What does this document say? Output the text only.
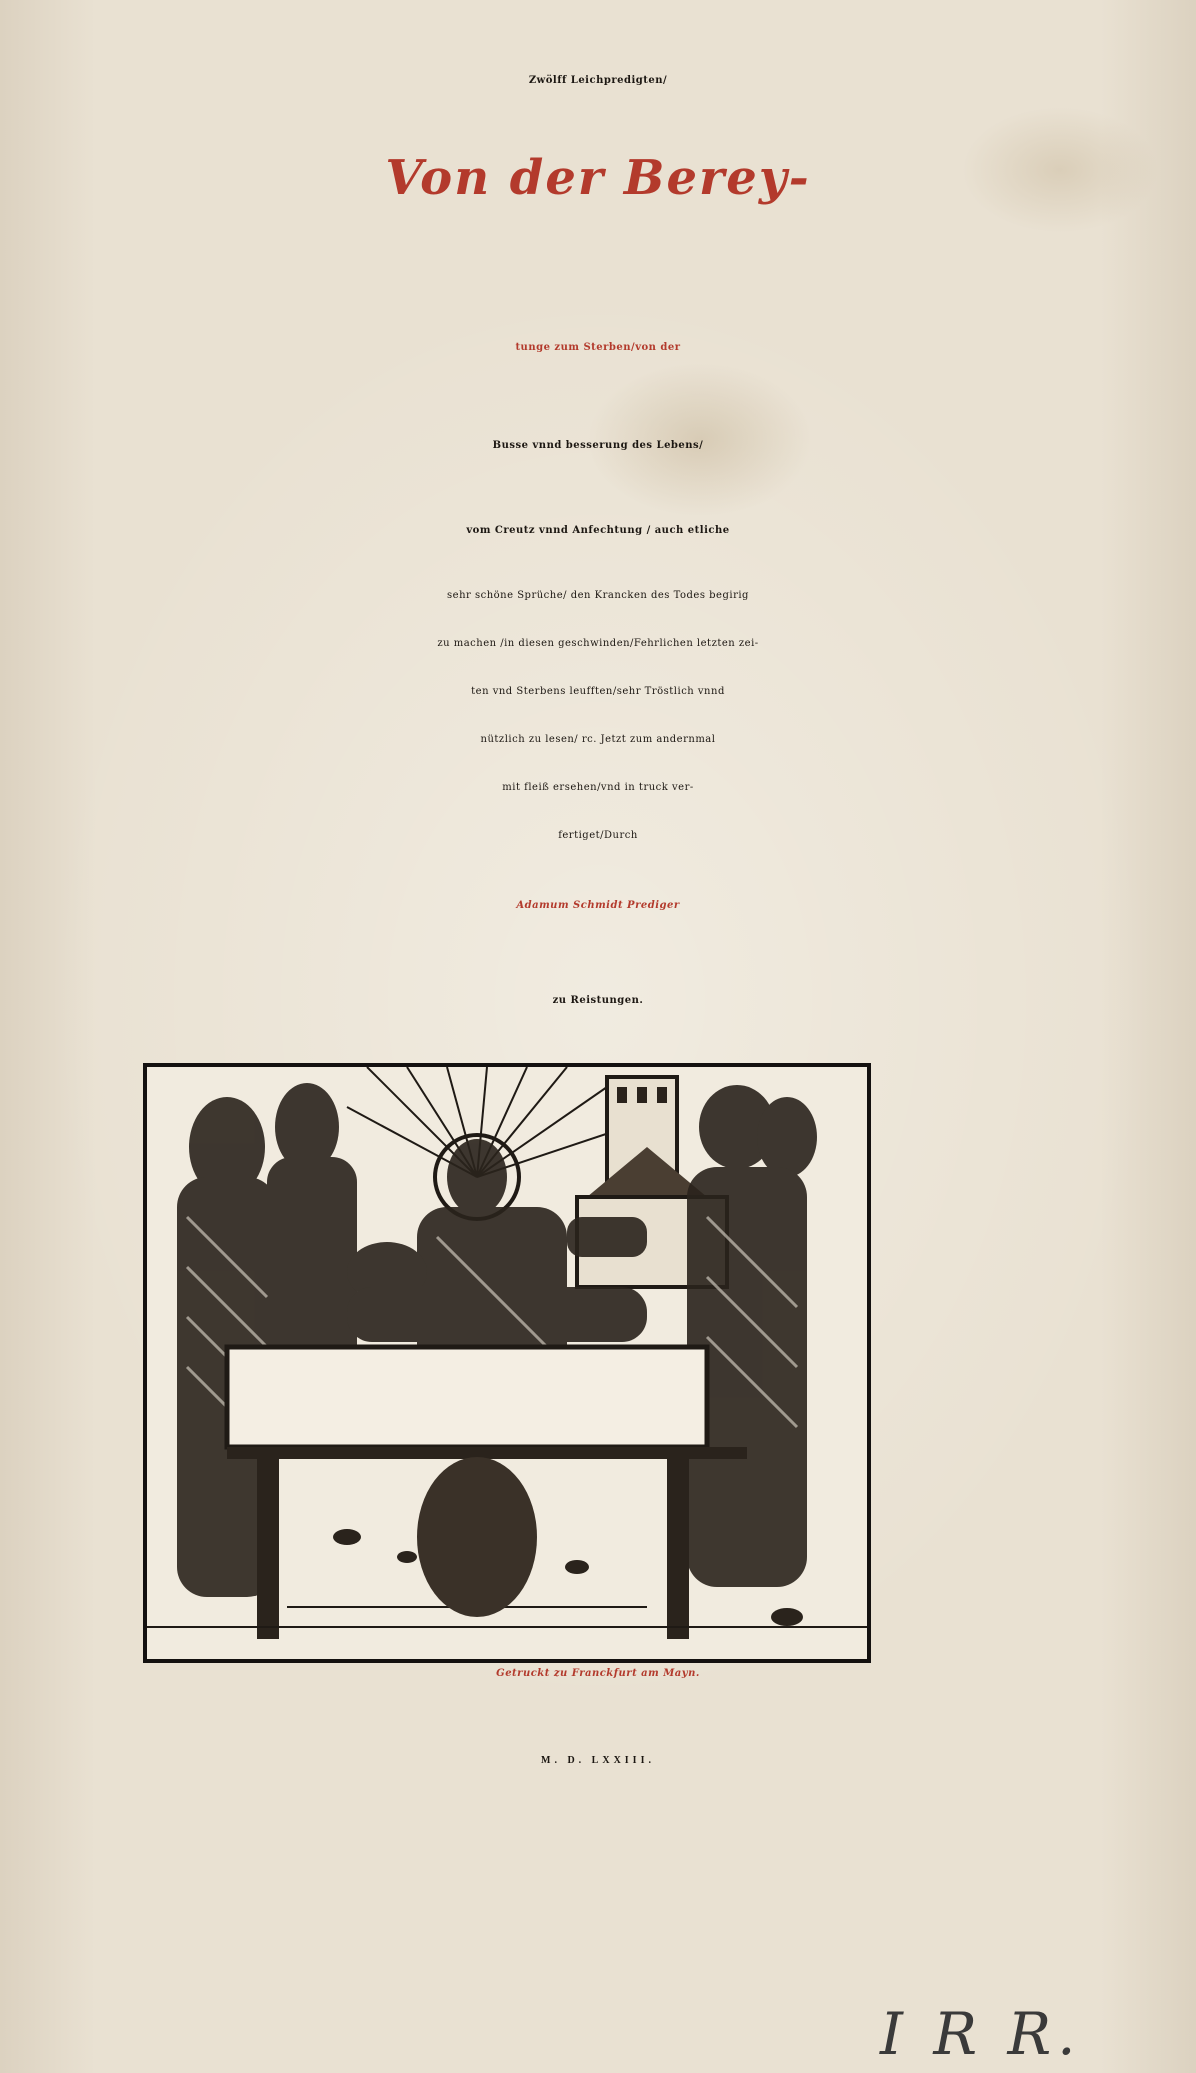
Zwölff Leichpredigten/
Von der Berey-
tunge zum Sterben/von der
Busse vnnd besserung des Lebens/
vom Creutz vnnd Anfechtung / auch etliche
sehr schöne Sprüche/ den Krancken des Todes begirig
zu machen /in diesen geschwinden/Fehrlichen letzten zei-
ten vnd Sterbens leufften/sehr Tröstlich vnnd
nützlich zu lesen/ rc. Jetzt zum andernmal
mit fleiß ersehen/vnd in truck ver-
fertiget/Durch
Adamum Schmidt Prediger
zu Reistungen.
Getruckt zu Franckfurt am Mayn.
M. D. LXXIII.
I R R.
